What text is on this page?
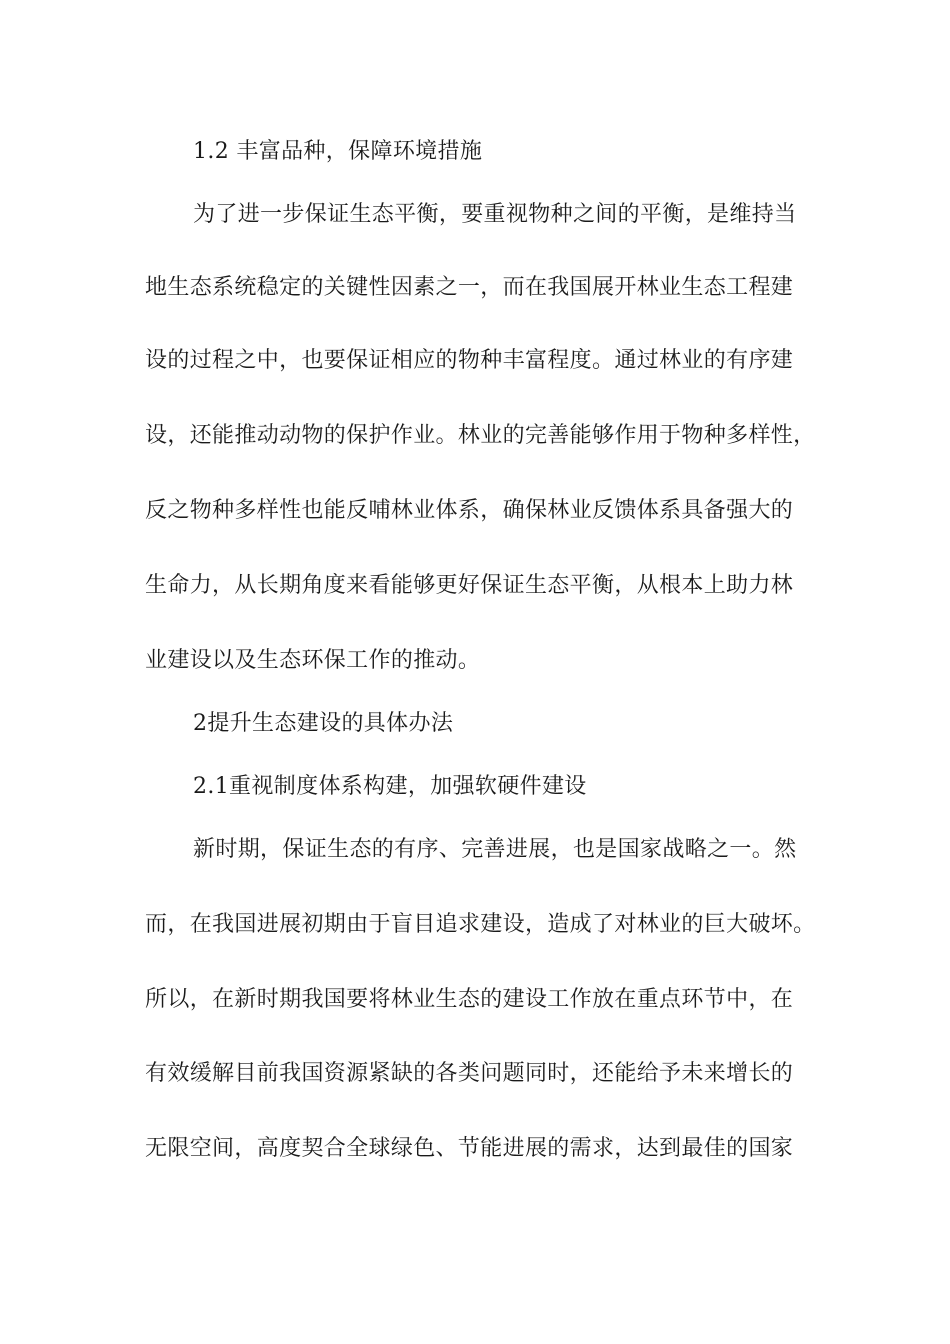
1.2 丰富品种，保障环境措施
为了进一步保证生态平衡，要重视物种之间的平衡，是维持当
地生态系统稳定的关键性因素之一，而在我国展开林业生态工程建
设的过程之中，也要保证相应的物种丰富程度。通过林业的有序建
设，还能推动动物的保护作业。林业的完善能够作用于物种多样性，
反之物种多样性也能反哺林业体系，确保林业反馈体系具备强大的
生命力，从长期角度来看能够更好保证生态平衡，从根本上助力林
业建设以及生态环保工作的推动。
2提升生态建设的具体办法
2.1重视制度体系构建，加强软硬件建设
新时期，保证生态的有序、完善进展，也是国家战略之一。然
而，在我国进展初期由于盲目追求建设，造成了对林业的巨大破坏。
所以，在新时期我国要将林业生态的建设工作放在重点环节中，在
有效缓解目前我国资源紧缺的各类问题同时，还能给予未来增长的
无限空间，高度契合全球绿色、节能进展的需求，达到最佳的国家
